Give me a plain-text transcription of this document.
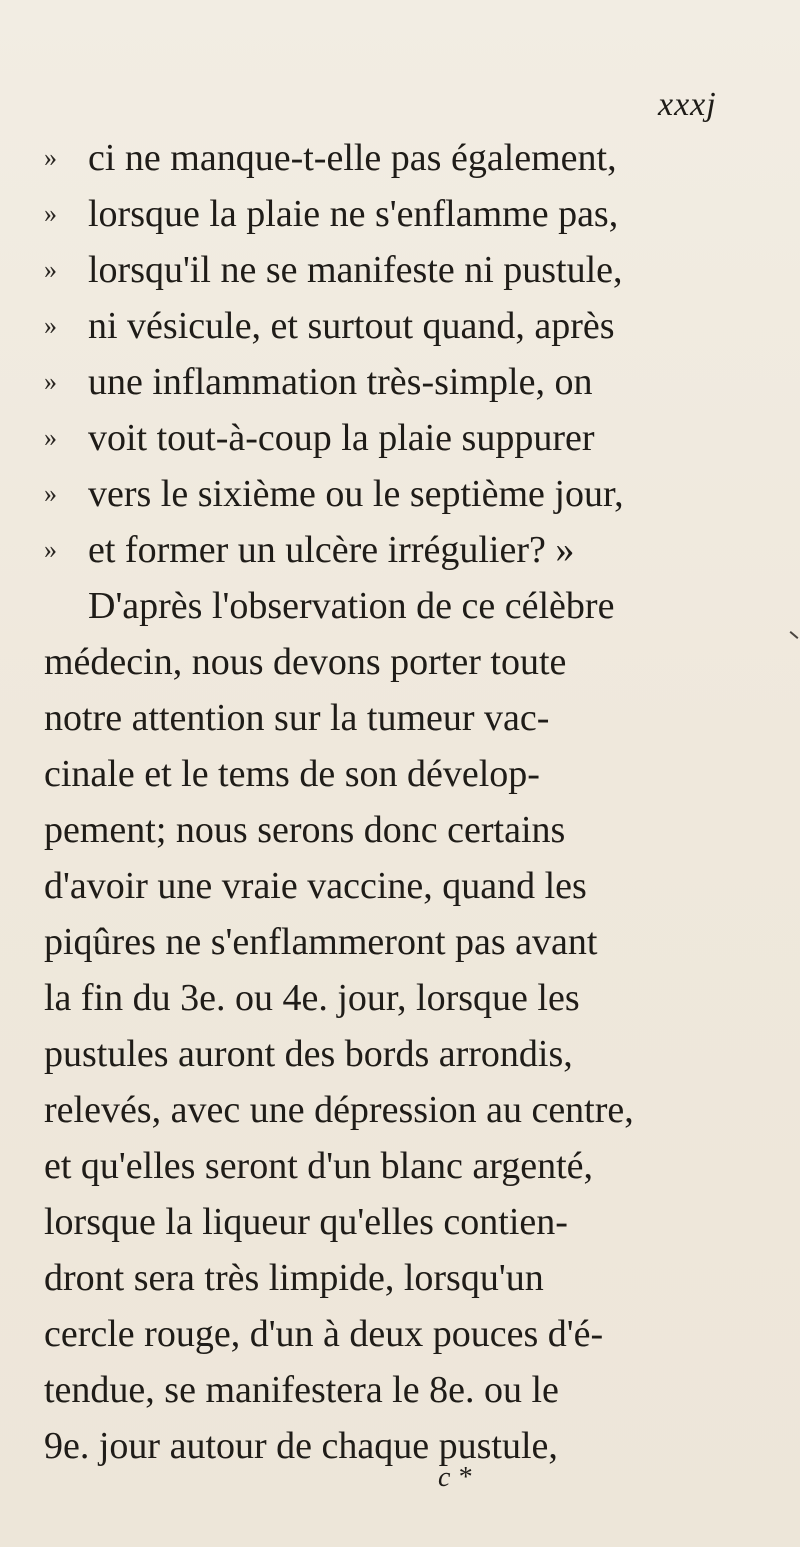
xxxj
» ci ne manque-t-elle pas également,
» lorsque la plaie ne s'enflamme pas,
» lorsqu'il ne se manifeste ni pustule,
» ni vésicule, et surtout quand, après
» une inflammation très-simple, on
» voit tout-à-coup la plaie suppurer
» vers le sixième ou le septième jour,
» et former un ulcère irrégulier? »
D'après l'observation de ce célèbre
médecin, nous devons porter toute
notre attention sur la tumeur vac-
cinale et le tems de son dévelop-
pement; nous serons donc certains
d'avoir une vraie vaccine, quand les
piqûres ne s'enflammeront pas avant
la fin du 3e. ou 4e. jour, lorsque les
pustules auront des bords arrondis,
relevés, avec une dépression au centre,
et qu'elles seront d'un blanc argenté,
lorsque la liqueur qu'elles contien-
dront sera très limpide, lorsqu'un
cercle rouge, d'un à deux pouces d'é-
tendue, se manifestera le 8e. ou le
9e. jour autour de chaque pustule,
c *
